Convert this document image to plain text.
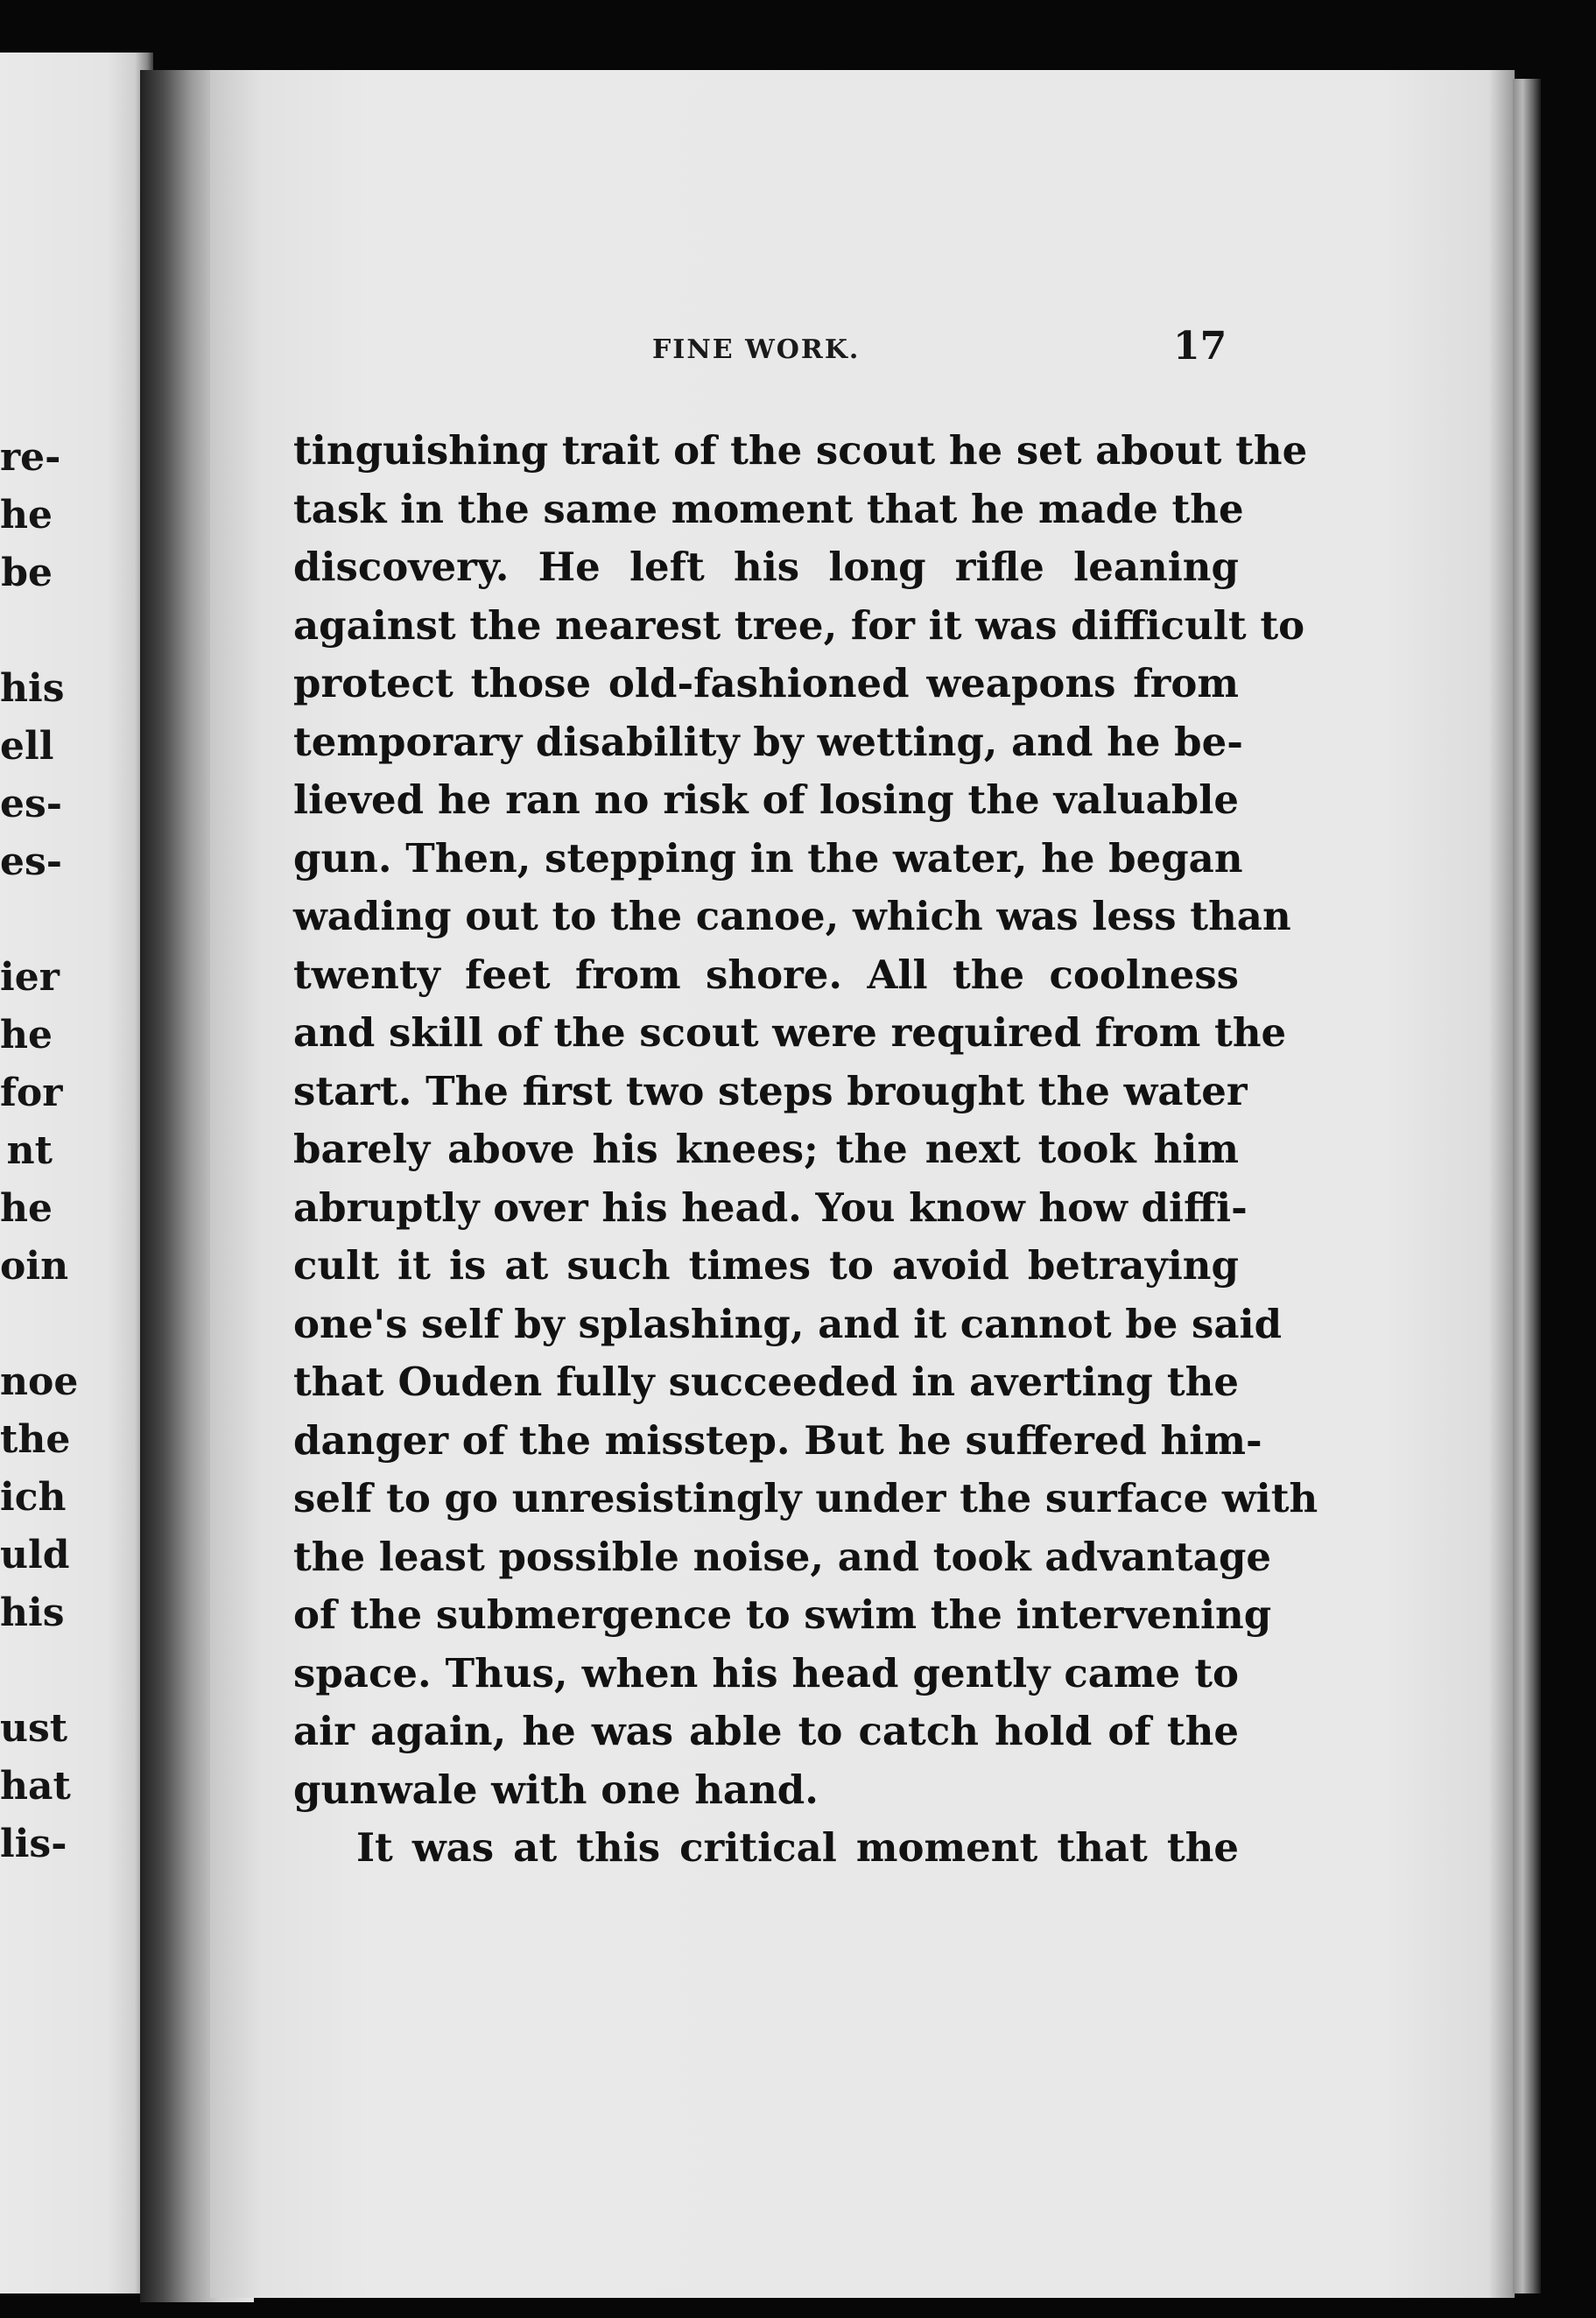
re-
he
be
his
ell
es-
es-
ier
he
for
nt
he
oin
noe
the
ich
uld
his
ust
hat
lis-
FINE WORK.	17
tinguishing trait of the scout he set about the
task in the same moment that he made the
discovery. He left his long rifle leaning
against the nearest tree, for it was difficult to
protect those old-fashioned weapons from
temporary disability by wetting, and he be-
lieved he ran no risk of losing the valuable
gun. Then, stepping in the water, he began
wading out to the canoe, which was less than
twenty feet from shore. All the coolness
and skill of the scout were required from the
start. The first two steps brought the water
barely above his knees; the next took him
abruptly over his head. You know how diffi-
cult it is at such times to avoid betraying
one's self by splashing, and it cannot be said
that Ouden fully succeeded in averting the
danger of the misstep. But he suffered him-
self to go unresistingly under the surface with
the least possible noise, and took advantage
of the submergence to swim the intervening
space. Thus, when his head gently came to
air again, he was able to catch hold of the
gunwale with one hand.
It was at this critical moment that the
